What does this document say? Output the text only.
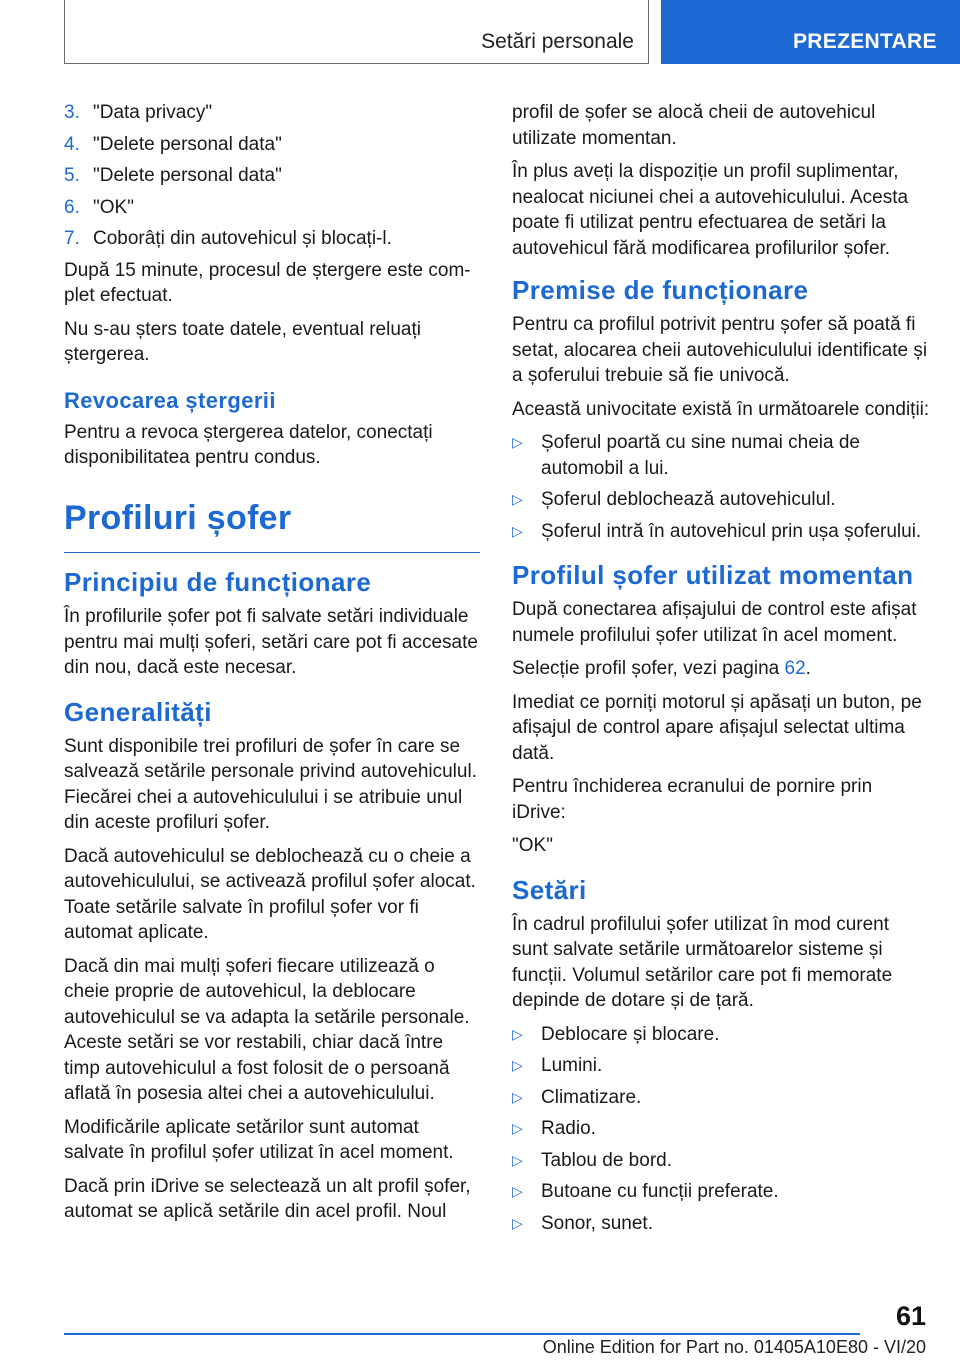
Setări personale	PREZENTARE
3. "Data privacy"
4. "Delete personal data"
5. "Delete personal data"
6. "OK"
7. Coborâți din autovehicul și blocați-l.

După 15 minute, procesul de ștergere este com‐plet efectuat.

Nu s-au șters toate datele, eventual reluați ștergerea.

Revocarea ștergerii

Pentru a revoca ștergerea datelor, conectați disponibilitatea pentru condus.

Profiluri șofer
Principiu de funcționare

În profilurile șofer pot fi salvate setări individuale pentru mai mulți șoferi, setări care pot fi accesate din nou, dacă este necesar.

Generalități

Sunt disponibile trei profiluri de șofer în care se salvează setările personale privind autovehiculul. Fiecărei chei a autovehiculului i se atribuie unul din aceste profiluri șofer.

Dacă autovehiculul se deblochează cu o cheie a autovehiculului, se activează profilul șofer alocat. Toate setările salvate în profilul șofer vor fi automat aplicate.

Dacă din mai mulți șoferi fiecare utilizează o cheie proprie de autovehicul, la deblocare autovehiculul se va adapta la setările personale. Aceste setări se vor restabili, chiar dacă între timp autovehiculul a fost folosit de o persoană aflată în posesia altei chei a autovehiculului.

Modificările aplicate setărilor sunt automat salvate în profilul șofer utilizat în acel moment.

Dacă prin iDrive se selectează un alt profil șofer, automat se aplică setările din acel profil. Noul

profil de șofer se alocă cheii de autovehicul utilizate momentan.

În plus aveți la dispoziție un profil suplimentar, nealocat niciunei chei a autovehiculului. Acesta poate fi utilizat pentru efectuarea de setări la autovehicul fără modificarea profilurilor șofer.

Premise de funcționare

Pentru ca profilul potrivit pentru șofer să poată fi setat, alocarea cheii autovehiculului identificate și a șoferului trebuie să fie univocă.

Această univocitate există în următoarele condiții:

▷ Șoferul poartă cu sine numai cheia de automobil a lui.
▷ Șoferul deblochează autovehiculul.
▷ Șoferul intră în autovehicul prin ușa șoferului.
Profilul șofer utilizat momentan

După conectarea afișajului de control este afișat numele profilului șofer utilizat în acel moment.

Selecție profil șofer, vezi pagina 62.

Imediat ce porniți motorul și apăsați un buton, pe afișajul de control apare afișajul selectat ultima dată.

Pentru închiderea ecranului de pornire prin iDrive:

"OK"

Setări

În cadrul profilului șofer utilizat în mod curent sunt salvate setările următoarelor sisteme și funcții. Volumul setărilor care pot fi memorate depinde de dotare și de țară.

▷ Deblocare și blocare.
▷ Lumini.
▷ Climatizare.
▷ Radio.
▷ Tablou de bord.
▷ Butoane cu funcții preferate.
▷ Sonor, sunet.
61
Online Edition for Part no. 01405A10E80 - VI/20
